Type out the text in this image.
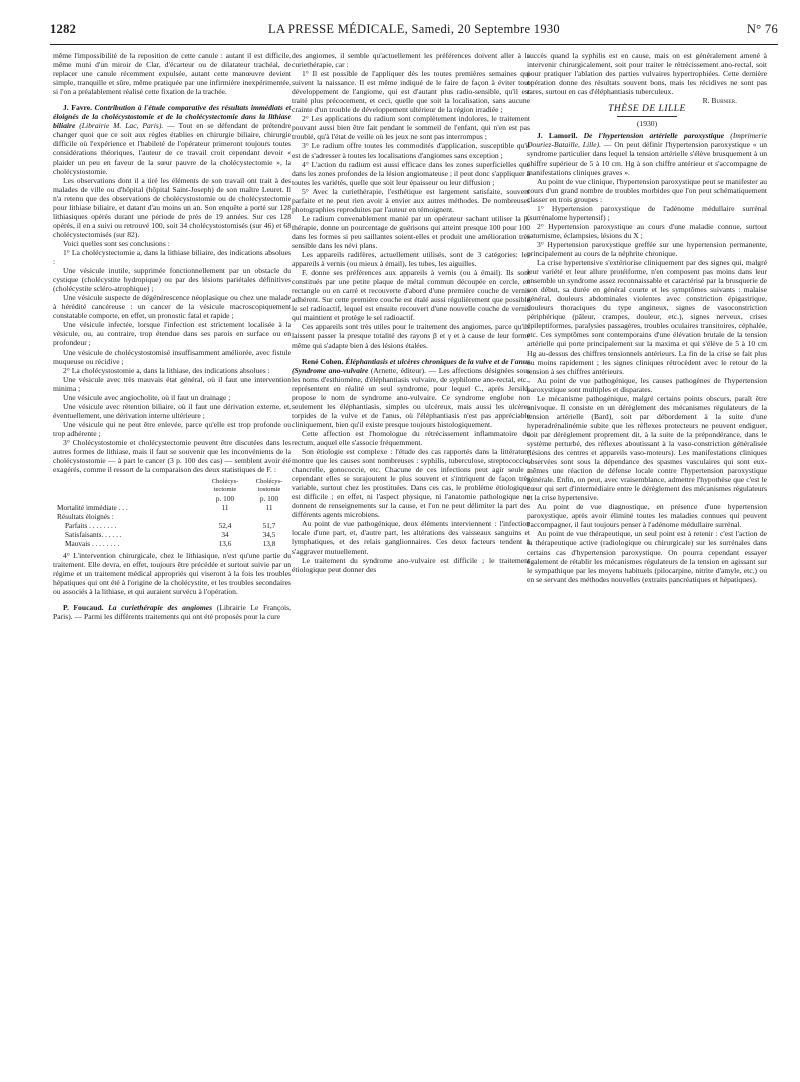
1282	LA PRESSE MÉDICALE, Samedi, 20 Septembre 1930	N° 76

même l'impossibilité de la reposition de cette canule : autant il est difficile, même muni d'un miroir de Clar, d'écarteur ou de dilatateur trachéal, de replacer une canule récemment expulsée, autant cette manœuvre devient simple, tranquille et sûre, même pratiquée par une infirmière inexpérimentée, si l'on a préalablement réalisé cette fixation de la trachée.

J. Favre. Contribution à l'étude comparative des résultats immédiats et éloignés de la cholécystostomie et de la cholécystectomie dans la lithiase biliaire (Librairie M. Lac, Paris). — Tout en se défendant de prétendre changer quoi que ce soit aux règles établies en chirurgie biliaire, chirurgie difficile où l'expérience et l'habileté de l'opérateur primeront toujours toutes considérations théoriques, l'auteur de ce travail croit cependant devoir « plaider un peu en faveur de la sœur pauvre de la cholécystectomie », la cholécystostomie.

Les observations dont il a tiré les éléments de son travail ont trait à des malades de ville ou d'hôpital (hôpital Saint-Joseph) de son maître Leuret. Il n'a retenu que des observations de cholécystostomie ou de cholécystectomie pour lithiase biliaire, et datant d'au moins un an. Son enquête a porté sur 128 lithiasiques opérés durant une période de près de 19 années. Sur ces 128 opérés, il en a suivi ou retrouvé 100, soit 34 cholécystostomisés (sur 46) et 68 cholécystectomisés (sur 82).

Voici quelles sont ses conclusions :

1° La cholécystectomie a, dans la lithiase biliaire, des indications absolues :

Une vésicule inutile, supprimée fonctionnellement par un obstacle du cystique (cholécystite hydropique) ou par des lésions pariétales définitives (cholécystite scléro-atrophique) ;

Une vésicule suspecte de dégénérescence néoplasique ou chez une malade à hérédité cancéreuse : un cancer de la vésicule macroscopiquement constatable comporte, en effet, un pronostic fatal et rapide ;

Une vésicule infectée, lorsque l'infection est strictement localisée à la vésicule, ou, au contraire, trop étendue dans ses parois en surface ou en profondeur ;

Une vésicule de cholécystostomisé insuffisamment améliorée, avec fistule muqueuse ou récidive ;

2° La cholécystostomie a, dans la lithiase, des indications absolues :

Une vésicule avec très mauvais état général, où il faut une intervention minima ;

Une vésicule avec angiocholite, où il faut un drainage ;

Une vésicule avec rétention biliaire, où il faut une dérivation externe, et, éventuellement, une dérivation interne ultérieure ;

Une vésicule qui ne peut être enlevée, parce qu'elle est trop profonde ou trop adhérente ;

3° Cholécystostomie et cholécystectomie peuvent être discutées dans les autres formes de lithiase, mais il faut se souvenir que les inconvénients de la cholécystostomie — à part le cancer (3 p. 100 des cas) — semblent avoir été exagérés, comme il ressort de la comparaison des deux statistiques de F. :

	Cholécys-tectomie	Cholécys-tostomie
	p. 100	p. 100
Mortalité immédiate . . .	11	11
Résultats éloignés :		
Parfaits . . . . . . . .	52,4	51,7
Satisfaisants. . . . . .	34	34,5
Mauvais . . . . . . . .	13,6	13,8

4° L'intervention chirurgicale, chez le lithiasique, n'est qu'une partie du traitement. Elle devra, en effet, toujours être précédée et surtout suivie par un régime et un traitement médical appropriés qui viseront à la fois les troubles hépatiques qui ont été à l'origine de la cholécystite, et les troubles secondaires ou associés à la lithiase, et qui auraient survécu à l'opération.

P. Foucaud. La curiethérapie des angiomes (Librairie Le François, Paris). — Parmi les différents traitements qui ont été proposés pour la cure

des angiomes, il semble qu'actuellement les préférences doivent aller à la curiethérapie, car :

1° Il est possible de l'appliquer dès les toutes premières semaines qui suivent la naissance. Il est même indiqué de le faire de façon à éviter tout développement de l'angiome, qui est d'autant plus radio-sensible, qu'il est traité plus précocement, et ceci, quelle que soit la localisation, sans aucune crainte d'un trouble de développement ultérieur de la région irradiée ;

2° Les applications du radium sont complètement indolores, le traitement pouvant aussi bien être fait pendant le sommeil de l'enfant, qui n'en est pas troublé, qu'à l'état de veille où les jeux ne sont pas interrompus ;

3° Le radium offre toutes les commodités d'application, susceptible qu'il est de s'adresser à toutes les localisations d'angiomes sans exception ;

4° L'action du radium est aussi efficace dans les zones superficielles que dans les zones profondes de la lésion angiomateuse ; il peut donc s'appliquer à toutes les variétés, quelle que soit leur épaisseur ou leur diffusion ;

5° Avec la curiethérapie, l'esthétique est largement satisfaite, souvent parfaite et ne peut rien avoir à envier aux autres méthodes. De nombreuses photographies reproduites par l'auteur en témoignent.

Le radium convenablement manié par un opérateur sachant utiliser la β-thérapie, donne un pourcentage de guérisons qui atteint presque 100 pour 100 dans les formes si peu saillantes soient-elles et produit une amélioration très sensible dans les névi plans.

Les appareils radifères, actuellement utilisés, sont de 3 catégories: les appareils à vernis (ou mieux à émail), les tubes, les aiguilles.

F. donne ses préférences aux appareils à vernis (ou à émail). Ils sont constitués par une petite plaque de métal commun découpée en cercle, en rectangle ou en carré et recouverte d'abord d'une première couche de vernis adhérent. Sur cette première couche est étalé aussi régulièrement que possible le sel radioactif, lequel est ensuite recouvert d'une nouvelle couche de vernis qui maintient et protège le sel radioactif.

Ces appareils sont très utiles pour le traitement des angiomes, parce qu'ils laissent passer la presque totalité des rayons β et γ et à cause de leur forme même qui s'adapte bien à des lésions étalées.

René Cohen. Éléphantiasis et ulcères chroniques de la vulve et de l'anus (Syndrome ano-vulvaire (Arnette, éditeur). — Les affections désignées sous les noms d'esthiomène, d'éléphantiasis vulvaire, de syphilome ano-rectal, etc., représentent en réalité un seul syndrome, pour lequel C., après Jersild, propose le nom de syndrome ano-vulvaire. Ce syndrome englobe non seulement les éléphantiasis, simples ou ulcéreux, mais aussi les ulcères torpides de la vulve et de l'anus, où l'éléphantiasis n'est pas appréciable cliniquement, bien qu'il existe presque toujours histologiquement.

Cette affection est l'homologue du rétrécissement inflammatoire du rectum, auquel elle s'associe fréquemment.

Son étiologie est complexe : l'étude des cas rapportés dans la littérature montre que les causes sont nombreuses : syphilis, tuberculose, streptococcie, chancrelle, gonococcie, etc. Chacune de ces infections peut agir seule ; cependant elles se surajoutent le plus souvent et s'intriquent de façon très variable, surtout chez les prostituées. Dans ces cas, le problème étiologique est difficile ; en effet, ni l'aspect physique, ni l'anatomie pathologique ne donnent de renseignements sur la cause, et l'on ne peut délimiter la part des différents agents microbiens.

Au point de vue pathogénique, deux éléments interviennent : l'infection locale d'une part, et, d'autre part, les altérations des vaisseaux sanguins et lymphatiques, et des relais ganglionnaires. Ces deux facteurs tendent à s'aggraver mutuellement.

Le traitement du syndrome ano-vulvaire est difficile ; le traitement étiologique peut donner des

succès quand la syphilis est en cause, mais on est généralement amené à intervenir chirurgicalement, soit pour traiter le rétrécissement ano-rectal, soit pour pratiquer l'ablation des parties vulvaires hypertrophiées. Cette dernière opération donne des résultats souvent bons, mais les récidives ne sont pas rares, surtout en cas d'éléphantiasis tuberculeux.

R. Burnier.

THÈSE DE LILLE

(1930)

J. Lamoril. De l'hypertension artérielle paroxystique (Imprimerie Douriez-Bataille, Lille). — On peut définir l'hypertension paroxystique « un syndrome particulier dans lequel la tension artérielle s'élève brusquement à un chiffre supérieur de 5 à 10 cm. Hg à son chiffre antérieur et s'accompagne de manifestations cliniques graves ».

Au point de vue clinique, l'hypertension paroxystique peut se manifester au cours d'un grand nombre de troubles morbides que l'on peut schématiquement classer en trois groupes :

1° Hypertension paroxystique de l'adénome médullaire surrénal (surrénalome hypertensif) ;

2° Hypertension paroxystique au cours d'une maladie connue, surtout saturnisme, éclampsies, lésions du X ;

3° Hypertension paroxystique greffée sur une hypertension permanente, principalement au cours de la néphrite chronique.

La crise hypertensive s'extériorise cliniquement par des signes qui, malgré leur variété et leur allure protéiforme, n'en composent pas moins dans leur ensemble un syndrome assez reconnaissable et caractérisé par la brusquerie de son début, sa durée en général courte et les symptômes suivants : malaise général, douleurs abdominales violentes avec constriction épigastrique, douleurs thoraciques du type angineux, signes de vasoconstriction périphérique (pâleur, crampes, douleur, etc.), signes nerveux, crises épileptiformes, paralysies passagères, troubles oculaires transitoires, céphalée, etc. Ces symptômes sont contemporains d'une élévation brutale de la tension artérielle qui porte principalement sur la maxima et qui s'élève de 5 à 10 cm Hg au-dessus des chiffres tensionnels antérieurs. La fin de la crise se fait plus ou moins rapidement ; les signes cliniques rétrocèdent avec le retour de la tension à ses chiffres antérieurs.

Au point de vue pathogénique, les causes pathogènes de l'hypertension paroxystique sont multiples et disparates.

Le mécanisme pathogénique, malgré certains points obscurs, paraît être univoque. Il consiste en un dérèglement des mécanismes régulateurs de la tension artérielle (Bard), soit par débordement à la suite d'une hyperadrénalinémie subite que les réflexes protecteurs ne peuvent endiguer, soit par dérèglement proprement dit, à la suite de la prépondérance, dans le système perturbé, des réflexes aboutissant à la vaso-constriction généralisée (lésions des centres et appareils vaso-moteurs). Les manifestations cliniques observées sont sous la dépendance des spasmes vasculaires qui sont eux-mêmes une réaction de défense locale contre l'hypertension paroxystique générale. Enfin, on peut, avec vraisemblance, admettre l'hypothèse que c'est le cœur qui sert d'intermédiaire entre le dérèglement des mécanismes régulateurs et la crise hypertensive.

Au point de vue diagnostique, en présence d'une hypertension paroxystique, après avoir éliminé toutes les maladies connues qui peuvent l'accompagner, il faut toujours penser à l'adénome médullaire surrénal.

Au point de vue thérapeutique, un seul point est à retenir : c'est l'action de la thérapeutique active (radiologique ou chirurgicale) sur les surrénales dans certains cas d'hypertension paroxystique. On pourra cependant essayer également de rétablir les mécanismes régulateurs de la tension en agissant sur le sympathique par les moyens habituels (pilocarpine, nitrite d'amyle, etc.) ou en se servant des méthodes nouvelles (extraits pancréatiques et hépatiques).
